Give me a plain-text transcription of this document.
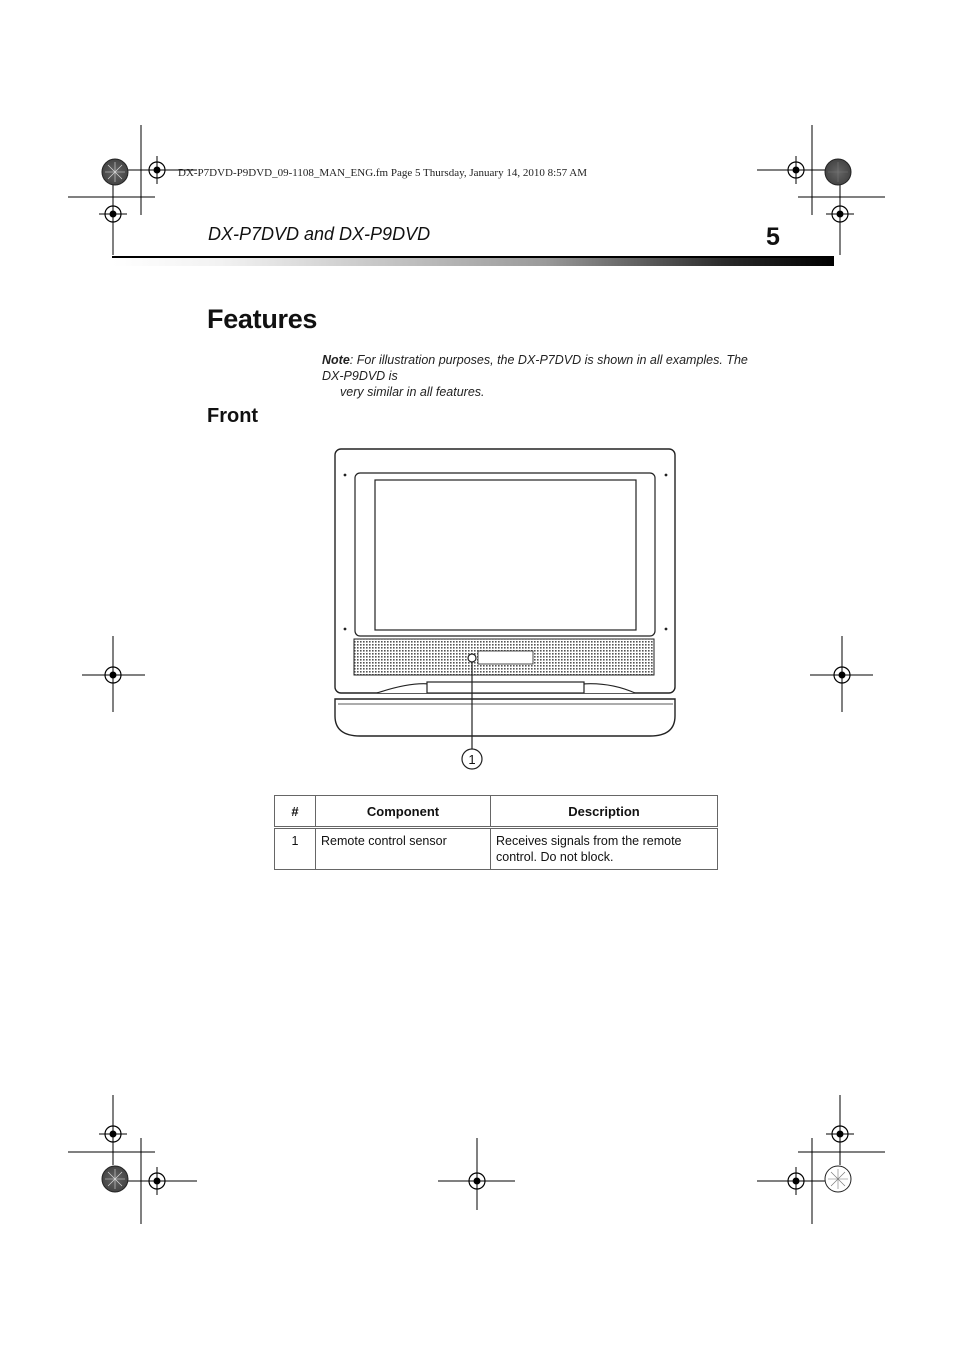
DX-P7DVD-P9DVD_09-1108_MAN_ENG.fm Page 5 Thursday, January 14, 2010 8:57 AM
DX-P7DVD and DX-P9DVD	5
Features
Note: For illustration purposes, the DX-P7DVD is shown in all examples. The DX-P9DVD is
very similar in all features.
Front
1
#	Component	Description
1	Remote control sensor	Receives signals from the remote control. Do not block.
